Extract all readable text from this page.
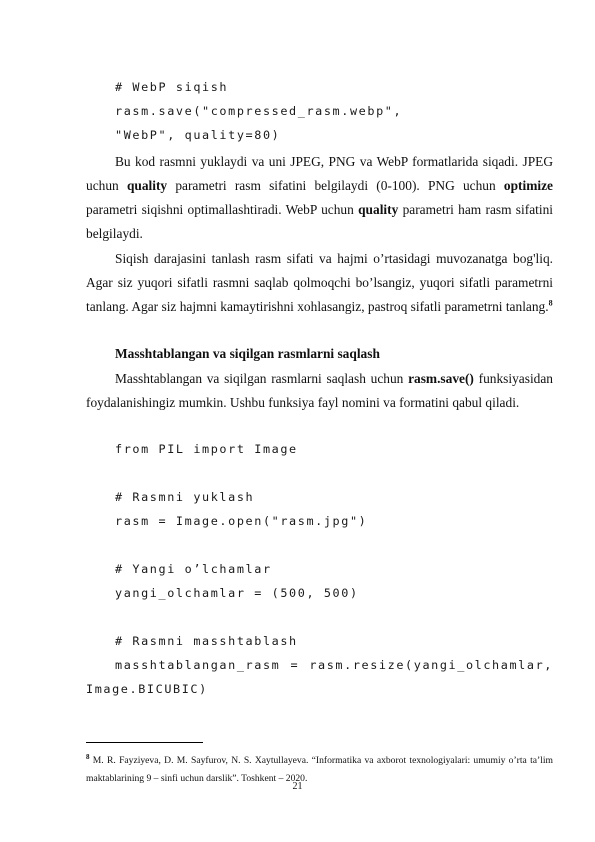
# WebP siqish
rasm.save("compressed_rasm.webp",
"WebP", quality=80)
Bu kod rasmni yuklaydi va uni JPEG, PNG va WebP formatlarida siqadi. JPEG uchun quality parametri rasm sifatini belgilaydi (0-100). PNG uchun optimize parametri siqishni optimallashtiradi. WebP uchun quality parametri ham rasm sifatini belgilaydi.
Siqish darajasini tanlash rasm sifati va hajmi o’rtasidagi muvozanatga bog'liq. Agar siz yuqori sifatli rasmni saqlab qolmoqchi bo’lsangiz, yuqori sifatli parametrni tanlang. Agar siz hajmni kamaytirishni xohlasangiz, pastroq sifatli parametrni tanlang.$^8$
Masshtablangan va siqilgan rasmlarni saqlash
Masshtablangan va siqilgan rasmlarni saqlash uchun rasm.save() funksiyasidan foydalanishingiz mumkin. Ushbu funksiya fayl nomini va formatini qabul qiladi.
from PIL import Image
# Rasmni yuklash
rasm = Image.open("rasm.jpg")
# Yangi o’lchamlar
yangi_olchamlar = (500, 500)
# Rasmni masshtablash
masshtablangan_rasm = rasm.resize(yangi_olchamlar,
Image.BICUBIC)
$^8$ M. R. Fayziyeva, D. M. Sayfurov, N. S. Xaytullayeva. “Informatika va axborot texnologiyalari: umumiy o’rta ta’lim maktablarining 9 – sinfi uchun darslik”. Toshkent – 2020.
21
